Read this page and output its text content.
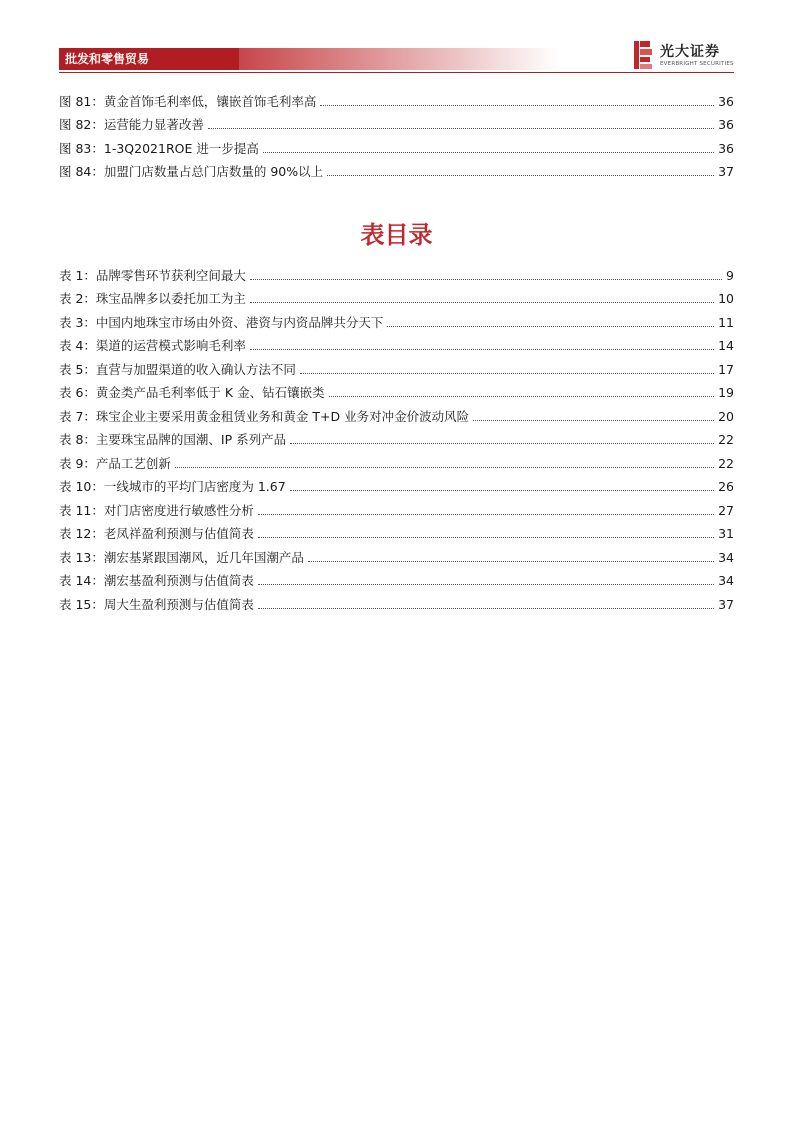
批发和零售贸易	光大证券
EVERBRIGHT SECURITIES
图 81：黄金首饰毛利率低，镶嵌首饰毛利率高	36
图 82：运营能力显著改善	36
图 83：1-3Q2021ROE 进一步提高	36
图 84：加盟门店数量占总门店数量的 90%以上	37
表目录
表 1：品牌零售环节获利空间最大	9
表 2：珠宝品牌多以委托加工为主	10
表 3：中国内地珠宝市场由外资、港资与内资品牌共分天下	11
表 4：渠道的运营模式影响毛利率	14
表 5：直营与加盟渠道的收入确认方法不同	17
表 6：黄金类产品毛利率低于 K 金、钻石镶嵌类	19
表 7：珠宝企业主要采用黄金租赁业务和黄金 T+D 业务对冲金价波动风险	20
表 8：主要珠宝品牌的国潮、IP 系列产品	22
表 9：产品工艺创新	22
表 10：一线城市的平均门店密度为 1.67	26
表 11：对门店密度进行敏感性分析	27
表 12：老凤祥盈利预测与估值简表	31
表 13：潮宏基紧跟国潮风，近几年国潮产品	34
表 14：潮宏基盈利预测与估值简表	34
表 15：周大生盈利预测与估值简表	37
